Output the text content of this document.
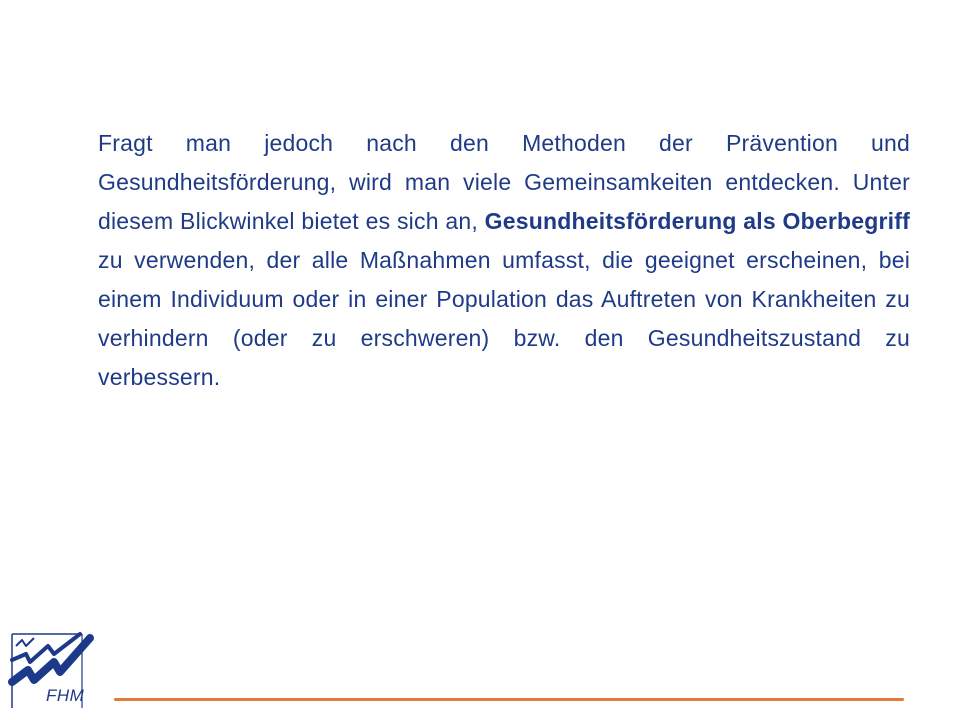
Fragt man jedoch nach den Methoden der Prävention und Gesundheitsförderung, wird man viele Gemeinsamkeiten entdecken. Unter diesem Blickwinkel bietet es sich an, Gesundheitsförderung als Oberbegriff zu verwenden, der alle Maßnahmen umfasst, die geeignet erscheinen, bei einem Individuum oder in einer Population das Auftreten von Krankheiten zu verhindern (oder zu erschweren) bzw. den Gesundheitszustand zu verbessern.

FHM
